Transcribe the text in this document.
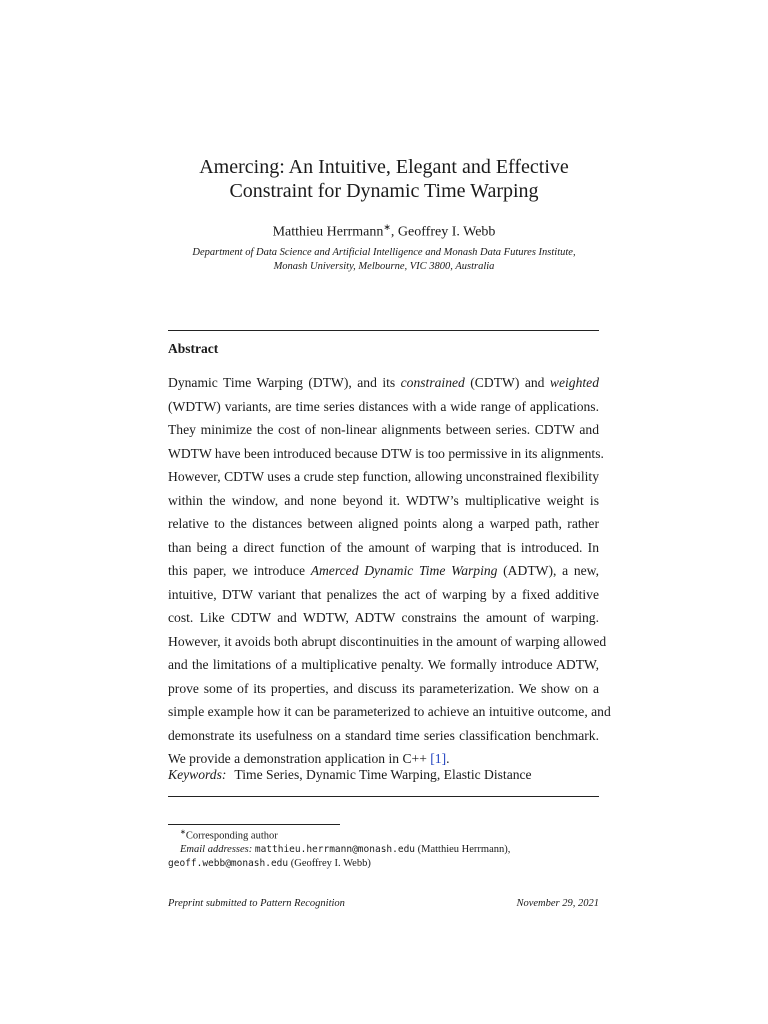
Amercing: An Intuitive, Elegant and Effective
Constraint for Dynamic Time Warping
Matthieu Herrmann∗, Geoffrey I. Webb
Department of Data Science and Artificial Intelligence and Monash Data Futures Institute,
Monash University, Melbourne, VIC 3800, Australia
Abstract
Dynamic Time Warping (DTW), and its constrained (CDTW) and weighted
(WDTW) variants, are time series distances with a wide range of applications.
They minimize the cost of non-linear alignments between series. CDTW and
WDTW have been introduced because DTW is too permissive in its alignments.
However, CDTW uses a crude step function, allowing unconstrained flexibility
within the window, and none beyond it. WDTW’s multiplicative weight is
relative to the distances between aligned points along a warped path, rather
than being a direct function of the amount of warping that is introduced. In
this paper, we introduce Amerced Dynamic Time Warping (ADTW), a new,
intuitive, DTW variant that penalizes the act of warping by a fixed additive
cost. Like CDTW and WDTW, ADTW constrains the amount of warping.
However, it avoids both abrupt discontinuities in the amount of warping allowed
and the limitations of a multiplicative penalty. We formally introduce ADTW,
prove some of its properties, and discuss its parameterization. We show on a
simple example how it can be parameterized to achieve an intuitive outcome, and
demonstrate its usefulness on a standard time series classification benchmark.
We provide a demonstration application in C++ [ 1 ] .
Keywords: Time Series, Dynamic Time Warping, Elastic Distance
∗Corresponding author
Email addresses: matthieu.herrmann@monash.edu (Matthieu Herrmann),
geoff.webb@monash.edu (Geoffrey I. Webb)
Preprint submitted to Pattern Recognition	November 29, 2021
